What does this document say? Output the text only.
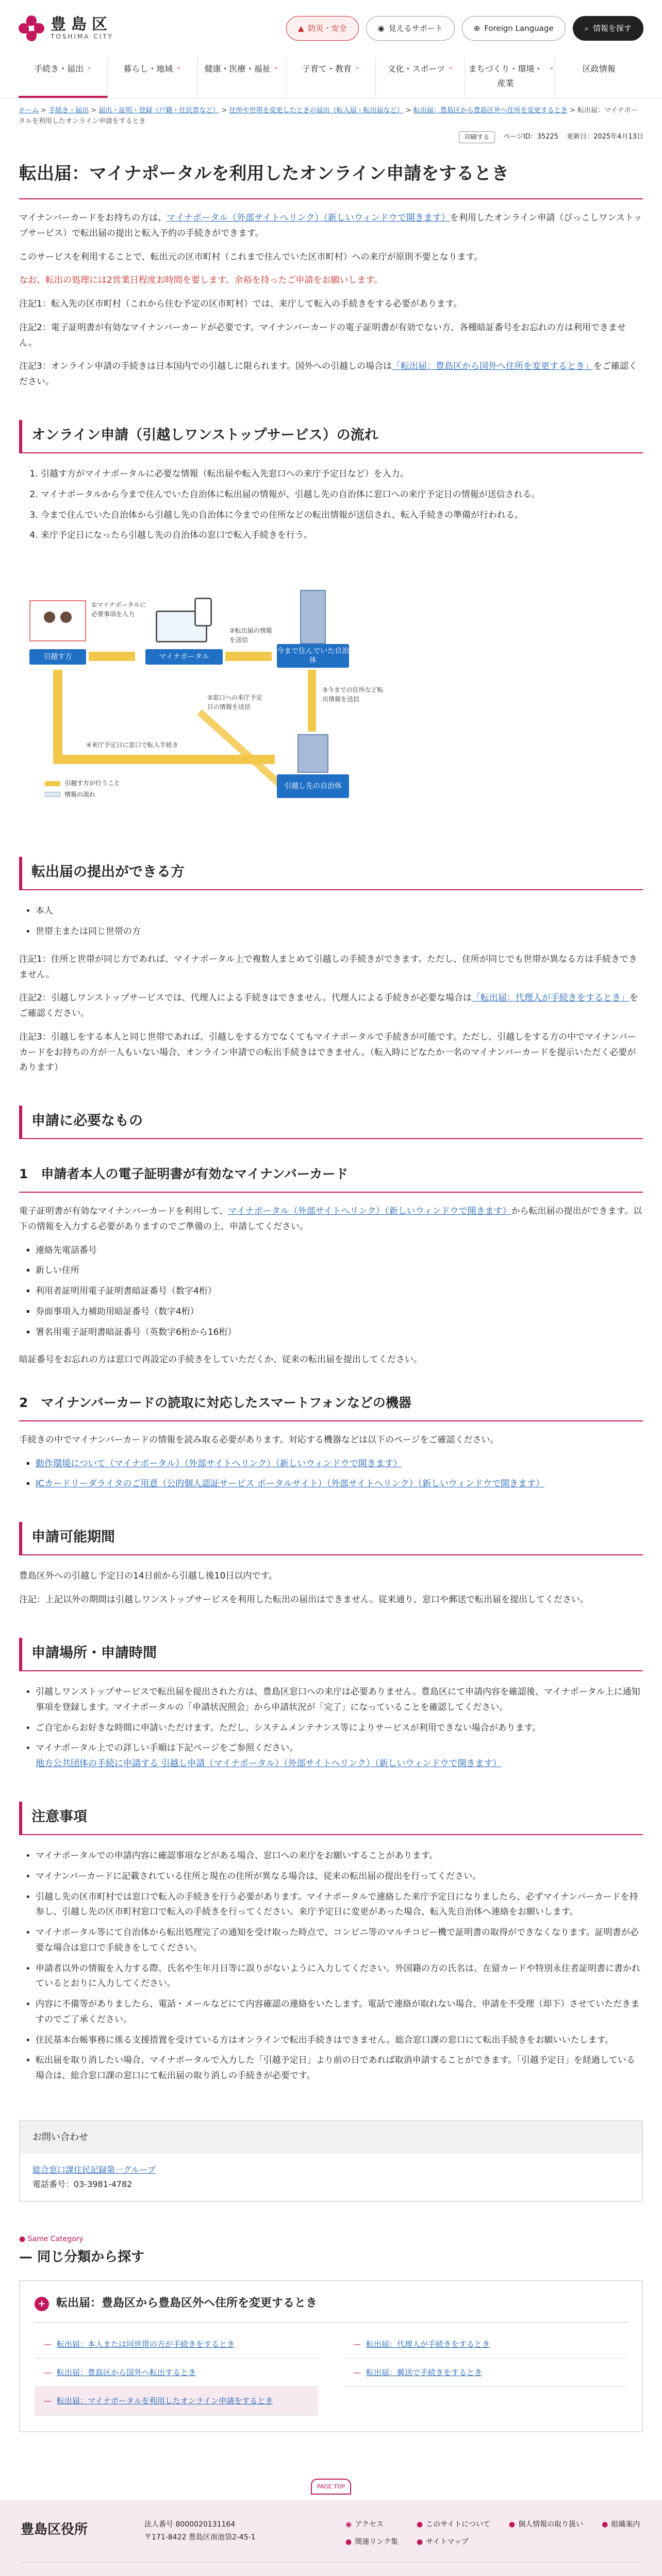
豊島区
TOSHIMA CITY
▲ 防災・安全	◉ 見えるサポート	⊕ Foreign Language	⌕ 情報を探す
手続き・届出 ⌄	暮らし・地域 ⌄	健康・医療・福祉 ⌄	子育て・教育 ⌄	文化・スポーツ ⌄	まちづくり・環境・産業
⌄	区政情報
ホーム > 手続き・届出 > 届出・証明・登録（戸籍・住民票など） > 住所や世帯を変更したときの届出（転入届・転出届など） > 転出届：豊島区から豊島区外へ住所を変更するとき > 転出届：マイナポータルを利用したオンライン申請をするとき
印刷する	ページID：35225 更新日：2025年4月13日
転出届：マイナポータルを利用したオンライン申請をするとき

マイナンバーカードをお持ちの方は、マイナポータル（外部サイトへリンク）（新しいウィンドウで開きます）を利用したオンライン申請（びっこしワンストップサービス）で転出届の提出と転入予約の手続きができます。

このサービスを利用することで、転出元の区市町村（これまで住んでいた区市町村）への来庁が原則不要となります。

なお、転出の処理には2営業日程度お時間を要します。余裕を持ったご申請をお願いします。

注記1：転入先の区市町村（これから住む予定の区市町村）では、来庁して転入の手続きをする必要があります。

注記2：電子証明書が有効なマイナンバーカードが必要です。マイナンバーカードの電子証明書が有効でない方、各種暗証番号をお忘れの方は利用できません。

注記3：オンライン申請の手続きは日本国内での引越しに限られます。国外への引越しの場合は「転出届：豊島区から国外へ住所を変更するとき」をご確認ください。

オンライン申請（引越しワンストップサービス）の流れ
1. 引越す方がマイナポータルに必要な情報（転出届や転入先窓口への来庁予定日など）を入力。
2. マイナポータルから今まで住んでいた自治体に転出届の情報が、引越し先の自治体に窓口への来庁予定日の情報が送信される。
3. 今まで住んでいた自治体から引越し先の自治体に今までの住所などの転出情報が送信され、転入手続きの準備が行われる。
4. 来庁予定日になったら引越し先の自治体の窓口で転入手続きを行う。
引越す方
①マイナポータルに必要事項を入力
マイナポータル
②転出届の情報を送信
今まで住んでいた自治体
②窓口への来庁予定日の情報を送信
③今までの住所など転出情報を送信
引越し先の自治体
④来庁予定日に窓口で転入手続き
引越す方が行うこと
情報の流れ
転出届の提出ができる方
• 本人
• 世帯主または同じ世帯の方

注記1：住所と世帯が同じ方であれば、マイナポータル上で複数人まとめて引越しの手続きができます。ただし、住所が同じでも世帯が異なる方は手続きできません。

注記2：引越しワンストップサービスでは、代理人による手続きはできません。代理人による手続きが必要な場合は「転出届：代理人が手続きをするとき」をご確認ください。

注記3：引越しをする本人と同じ世帯であれば、引越しをする方でなくてもマイナポータルで手続きが可能です。ただし、引越しをする方の中でマイナンバーカードをお持ちの方が一人もいない場合、オンライン申請での転出手続きはできません。（転入時にどなたか一名のマイナンバーカードを提示いただく必要があります）

申請に必要なもの
1　申請者本人の電子証明書が有効なマイナンバーカード

電子証明書が有効なマイナンバーカードを利用して、マイナポータル（外部サイトへリンク）（新しいウィンドウで開きます）から転出届の提出ができます。以下の情報を入力する必要がありますのでご準備の上、申請してください。

▪ 連絡先電話番号
▪ 新しい住所
▪ 利用者証明用電子証明書暗証番号（数字4桁）
▪ 券面事項入力補助用暗証番号（数字4桁）
▪ 署名用電子証明書暗証番号（英数字6桁から16桁）

暗証番号をお忘れの方は窓口で再設定の手続きをしていただくか、従来の転出届を提出してください。

2　マイナンバーカードの読取に対応したスマートフォンなどの機器

手続きの中でマイナンバーカードの情報を読み取る必要があります。対応する機器などは以下のページをご確認ください。

▪ 動作環境について（マイナポータル）（外部サイトへリンク）（新しいウィンドウで開きます）
▪ ICカードリーダライタのご用意（公的個人認証サービス ポータルサイト）（外部サイトへリンク）（新しいウィンドウで開きます）
申請可能期間

豊島区外への引越し予定日の14日前から引越し後10日以内です。

注記：上記以外の期間は引越しワンストップサービスを利用した転出の届出はできません。従来通り、窓口や郵送で転出届を提出してください。

申請場所・申請時間
• 引越しワンストップサービスで転出届を提出された方は、豊島区窓口への来庁は必要ありません。豊島区にて申請内容を確認後、マイナポータル上に通知事項を登録します。マイナポータルの「申請状況照会」から申請状況が「完了」になっていることを確認してください。
• ご自宅からお好きな時間に申請いただけます。ただし、システムメンテナンス等によりサービスが利用できない場合があります。
• マイナポータル上での詳しい手順は下記ページをご参照ください。
地方公共団体の手続に申請する 引越し申請（マイナポータル）（外部サイトへリンク）（新しいウィンドウで開きます）
注意事項
• マイナポータルでの申請内容に確認事項などがある場合、窓口への来庁をお願いすることがあります。
• マイナンバーカードに記載されている住所と現在の住所が異なる場合は、従来の転出届の提出を行ってください。
• 引越し先の区市町村では窓口で転入の手続きを行う必要があります。マイナポータルで連絡した来庁予定日になりましたら、必ずマイナンバーカードを持参し、引越し先の区市町村窓口で転入の手続きを行ってください。来庁予定日に変更があった場合、転入先自治体へ連絡をお願いします。
• マイナポータル等にて自治体から転出処理完了の通知を受け取った時点で、コンビニ等のマルチコピー機で証明書の取得ができなくなります。証明書が必要な場合は窓口で手続きをしてください。
• 申請者以外の情報を入力する際、氏名や生年月日等に誤りがないように入力してください。外国籍の方の氏名は、在留カードや特別永住者証明書に書かれているとおりに入力してください。
• 内容に不備等がありましたら、電話・メールなどにて内容確認の連絡をいたします。電話で連絡が取れない場合、申請を不受理（却下）させていただきますのでご了承ください。
• 住民基本台帳事務に係る支援措置を受けている方はオンラインで転出手続きはできません。総合窓口課の窓口にて転出手続きをお願いいたします。
• 転出届を取り消したい場合、マイナポータルで入力した「引越予定日」より前の日であれば取消申請することができます。「引越予定日」を経過している場合は、総合窓口課の窓口にて転出届の取り消しの手続きが必要です。
お問い合わせ
総合窓口課住民記録第一グループ
電話番号：03-3981-4782
● Same Category
— 同じ分類から探す
+ 転出届：豊島区から豊島区外へ住所を変更するとき
— 転出届：本人または同世帯の方が手続きをするとき	— 転出届：代理人が手続きをするとき
— 転出届：豊島区から国外へ転出するとき	— 転出届：郵送で手続きをするとき
— 転出届：マイナポータルを利用したオンライン申請をするとき
PAGE TOP
豊島区役所	法人番号 8000020131164
〒171-8422 豊島区南池袋2-45-1
◉ アクセス	● このサイトについて	● 個人情報の取り扱い	● 組織案内
● 関連リンク集	● サイトマップ
